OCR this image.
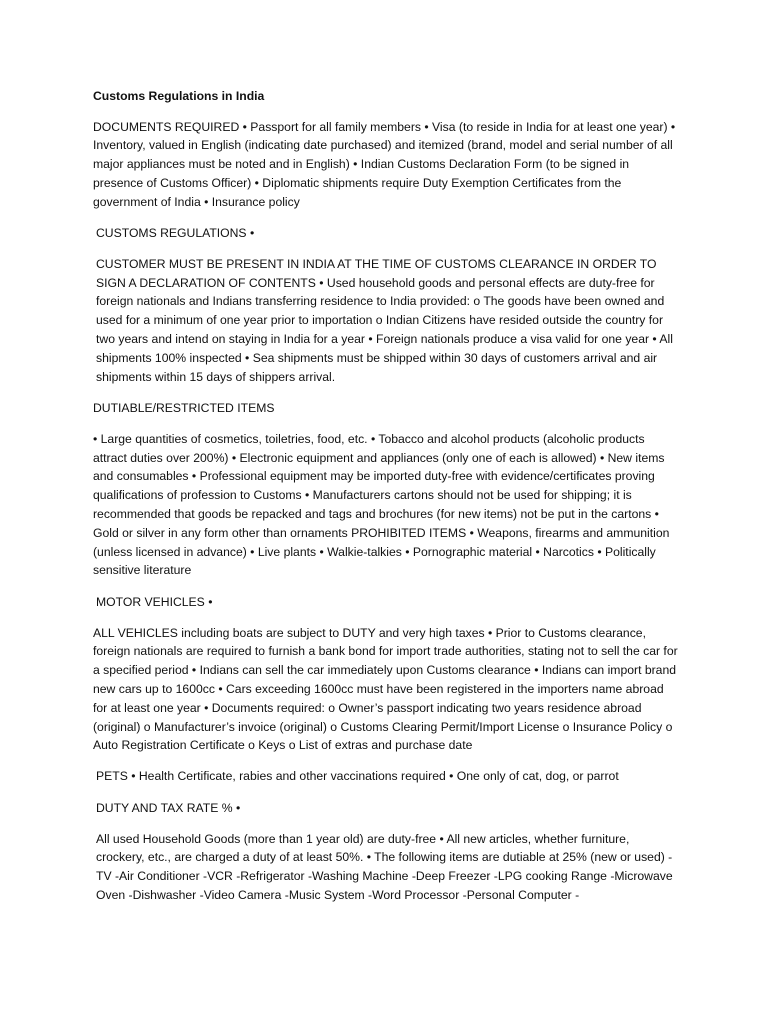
Customs Regulations in India

DOCUMENTS REQUIRED • Passport for all family members • Visa (to reside in India for at least one year) • Inventory, valued in English (indicating date purchased) and itemized (brand, model and serial number of all major appliances must be noted and in English) • Indian Customs Declaration Form (to be signed in presence of Customs Officer) • Diplomatic shipments require Duty Exemption Certificates from the government of India • Insurance policy

CUSTOMS REGULATIONS •

CUSTOMER MUST BE PRESENT IN INDIA AT THE TIME OF CUSTOMS CLEARANCE IN ORDER TO SIGN A DECLARATION OF CONTENTS • Used household goods and personal effects are duty-free for foreign nationals and Indians transferring residence to India provided: o The goods have been owned and used for a minimum of one year prior to importation o Indian Citizens have resided outside the country for two years and intend on staying in India for a year • Foreign nationals produce a visa valid for one year • All shipments 100% inspected • Sea shipments must be shipped within 30 days of customers arrival and air shipments within 15 days of shippers arrival.

DUTIABLE/RESTRICTED ITEMS

• Large quantities of cosmetics, toiletries, food, etc. • Tobacco and alcohol products (alcoholic products attract duties over 200%) • Electronic equipment and appliances (only one of each is allowed) • New items and consumables • Professional equipment may be imported duty-free with evidence/certificates proving qualifications of profession to Customs • Manufacturers cartons should not be used for shipping; it is recommended that goods be repacked and tags and brochures (for new items) not be put in the cartons • Gold or silver in any form other than ornaments PROHIBITED ITEMS • Weapons, firearms and ammunition (unless licensed in advance) • Live plants • Walkie-talkies • Pornographic material • Narcotics • Politically sensitive literature

MOTOR VEHICLES •

ALL VEHICLES including boats are subject to DUTY and very high taxes • Prior to Customs clearance, foreign nationals are required to furnish a bank bond for import trade authorities, stating not to sell the car for a specified period • Indians can sell the car immediately upon Customs clearance • Indians can import brand new cars up to 1600cc • Cars exceeding 1600cc must have been registered in the importers name abroad for at least one year • Documents required: o Owner’s passport indicating two years residence abroad (original) o Manufacturer’s invoice (original) o Customs Clearing Permit/Import License o Insurance Policy o Auto Registration Certificate o Keys o List of extras and purchase date

PETS • Health Certificate, rabies and other vaccinations required • One only of cat, dog, or parrot

DUTY AND TAX RATE % •

All used Household Goods (more than 1 year old) are duty-free • All new articles, whether furniture, crockery, etc., are charged a duty of at least 50%. • The following items are dutiable at 25% (new or used) -TV -Air Conditioner -VCR -Refrigerator -Washing Machine -Deep Freezer -LPG cooking Range -Microwave Oven -Dishwasher -Video Camera -Music System -Word Processor -Personal Computer -
